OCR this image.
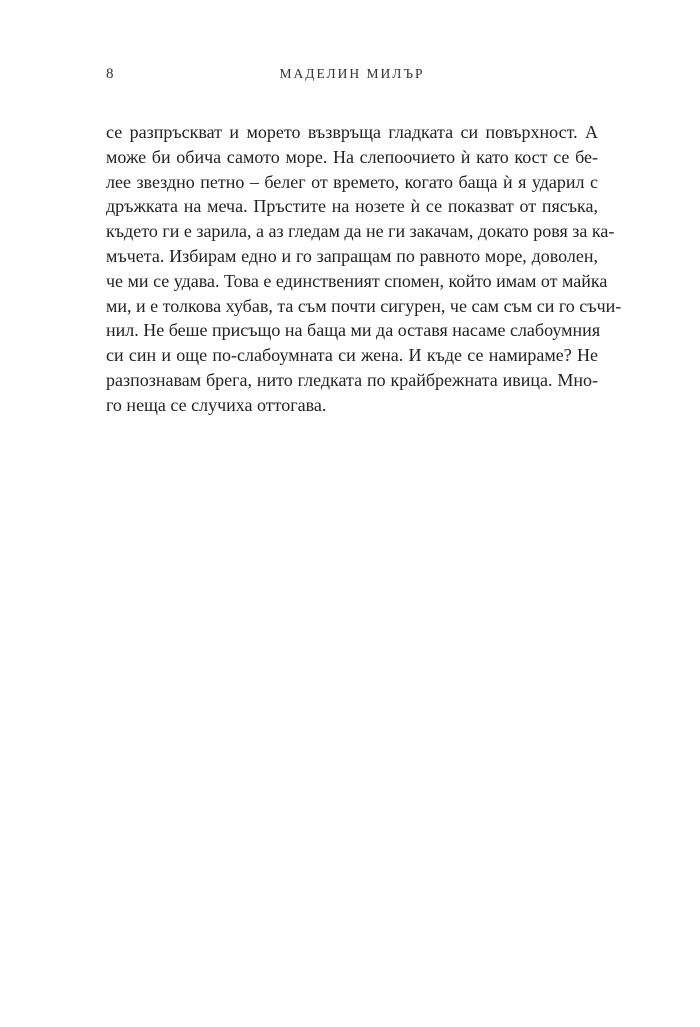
8	МАДЕЛИН МИЛЪР
се разпръскват и морето възвръща гладката си повърхност. А
може би обича самото море. На слепоочието ѝ като кост се бе-
лее звездно петно – белег от времето, когато баща ѝ я ударил с
дръжката на меча. Пръстите на нозете ѝ се показват от пясъка,
където ги е зарила, а аз гледам да не ги закачам, докато ровя за ка-
мъчета. Избирам едно и го запращам по равното море, доволен,
че ми се удава. Това е единственият спомен, който имам от майка
ми, и е толкова хубав, та съм почти сигурен, че сам съм си го съчи-
нил. Не беше присъщо на баща ми да оставя насаме слабоумния
си син и още по-слабоумната си жена. И къде се намираме? Не
разпознавам брега, нито гледката по крайбрежната ивица. Мно-
го неща се случиха оттогава.
